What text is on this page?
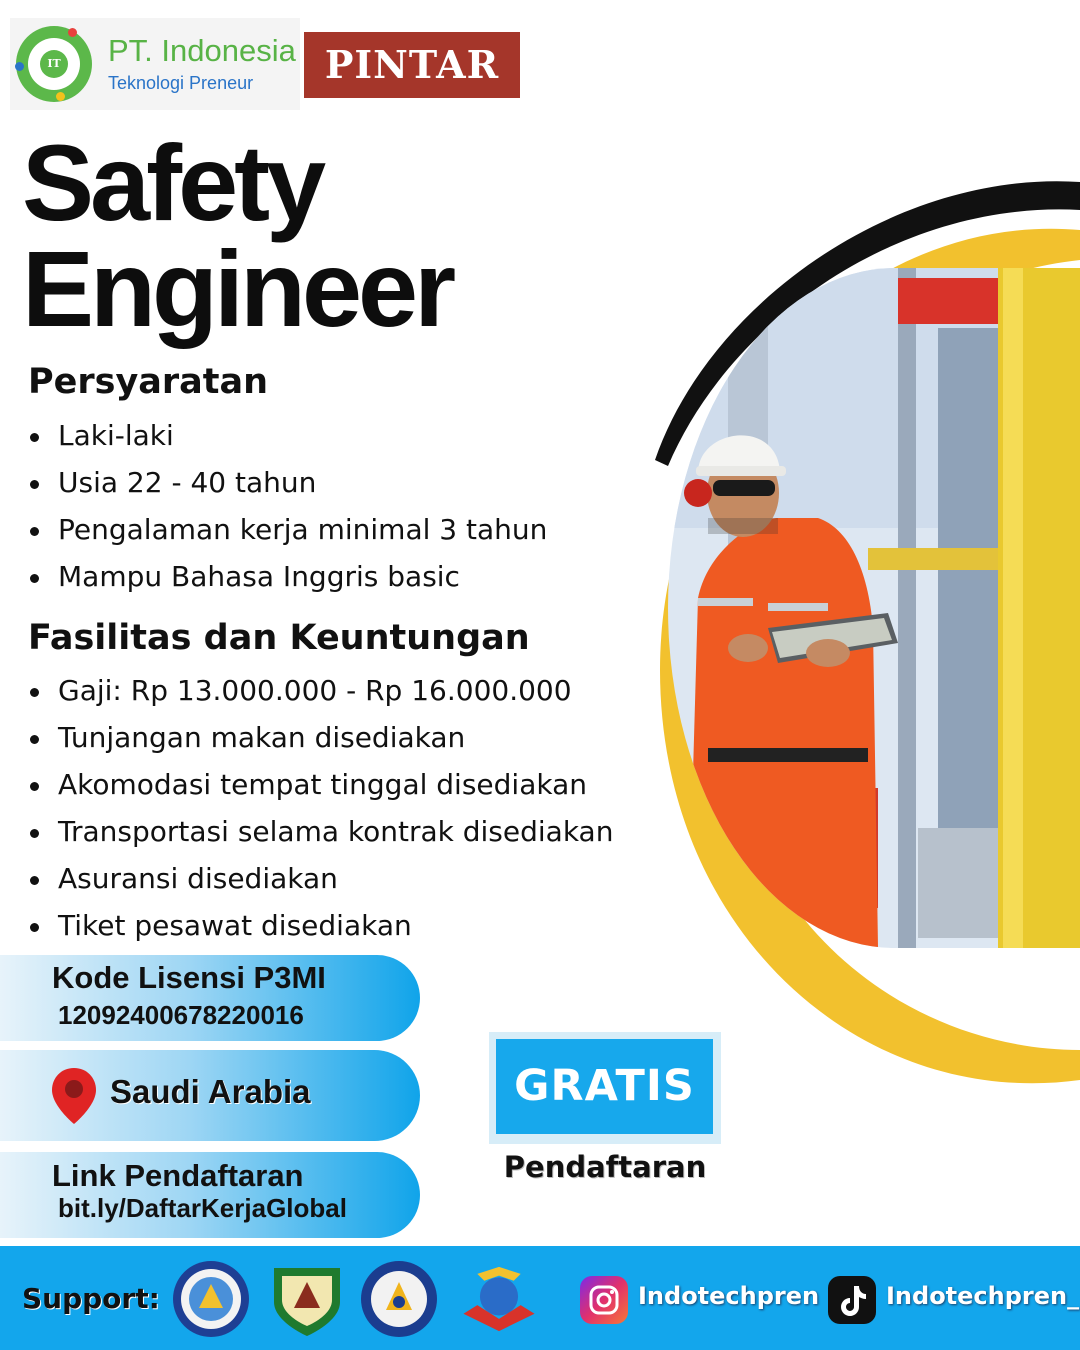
IT PT. Indonesia
Teknologi Preneur	PINTAR
Safety
Engineer
Persyaratan
Laki-laki
Usia 22 - 40 tahun
Pengalaman kerja minimal 3 tahun
Mampu Bahasa Inggris basic
Fasilitas dan Keuntungan
Gaji: Rp 13.000.000 - Rp 16.000.000
Tunjangan makan disediakan
Akomodasi tempat tinggal disediakan
Transportasi selama kontrak disediakan
Asuransi disediakan
Tiket pesawat disediakan
Kode Lisensi P3MI
12092400678220016
Saudi Arabia
Link Pendaftaran
bit.ly/DaftarKerjaGlobal
GRATIS
Pendaftaran
Support:	Indotechpren	Indotechpren_
